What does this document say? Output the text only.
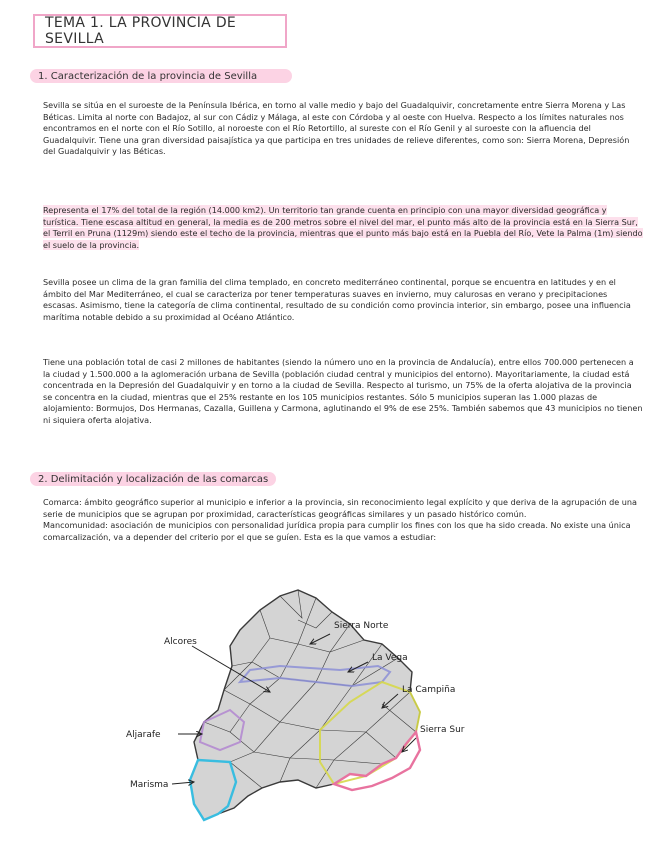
TEMA 1. LA PROVINCIA DE SEVILLA
1. Caracterización de la provincia de Sevilla

Sevilla se sitúa en el suroeste de la Península Ibérica, en torno al valle medio y bajo del Guadalquivir, concretamente entre Sierra Morena y Las Béticas. Limita al norte con Badajoz, al sur con Cádiz y Málaga, al este con Córdoba y al oeste con Huelva. Respecto a los límites naturales nos encontramos en el norte con el Río Sotillo, al noroeste con el Río Retortillo, al sureste con el Río Genil y al suroeste con la afluencia del Guadalquivir. Tiene una gran diversidad paisajística ya que participa en tres unidades de relieve diferentes, como son: Sierra Morena, Depresión del Guadalquivir y las Béticas.

Representa el 17% del total de la región (14.000 km2). Un territorio tan grande cuenta en principio con una mayor diversidad geográfica y turística. Tiene escasa altitud en general, la media es de 200 metros sobre el nivel del mar, el punto más alto de la provincia está en la Sierra Sur, el Terril en Pruna (1129m) siendo este el techo de la provincia, mientras que el punto más bajo está en la Puebla del Río, Vete la Palma (1m) siendo el suelo de la provincia.

Sevilla posee un clima de la gran familia del clima templado, en concreto mediterráneo continental, porque se encuentra en latitudes y en el ámbito del Mar Mediterráneo, el cual se caracteriza por tener temperaturas suaves en invierno, muy calurosas en verano y precipitaciones escasas. Asimismo, tiene la categoría de clima continental, resultado de su condición como provincia interior, sin embargo, posee una influencia marítima notable debido a su proximidad al Océano Atlántico.

Tiene una población total de casi 2 millones de habitantes (siendo la número uno en la provincia de Andalucía), entre ellos 700.000 pertenecen a la ciudad y 1.500.000 a la aglomeración urbana de Sevilla (población ciudad central y municipios del entorno). Mayoritariamente, la ciudad está concentrada en la Depresión del Guadalquivir y en torno a la ciudad de Sevilla. Respecto al turismo, un 75% de la oferta alojativa de la provincia se concentra en la ciudad, mientras que el 25% restante en los 105 municipios restantes. Sólo 5 municipios superan las 1.000 plazas de alojamiento: Bormujos, Dos Hermanas, Cazalla, Guillena y Carmona, aglutinando el 9% de ese 25%. También sabemos que 43 municipios no tienen ni siquiera oferta alojativa.

2. Delimitación y localización de las comarcas
Comarca: ámbito geográfico superior al municipio e inferior a la provincia, sin reconocimiento legal explícito y que deriva de la agrupación de una serie de municipios que se agrupan por proximidad, características geográficas similares y un pasado histórico común.
Mancomunidad: asociación de municipios con personalidad jurídica propia para cumplir los fines con los que ha sido creada. No existe una única comarcalización, va a depender del criterio por el que se guíen. Esta es la que vamos a estudiar:
Alcores
Sierra Norte
La Vega
La Campiña
Aljarafe	Sierra Sur
Marisma
